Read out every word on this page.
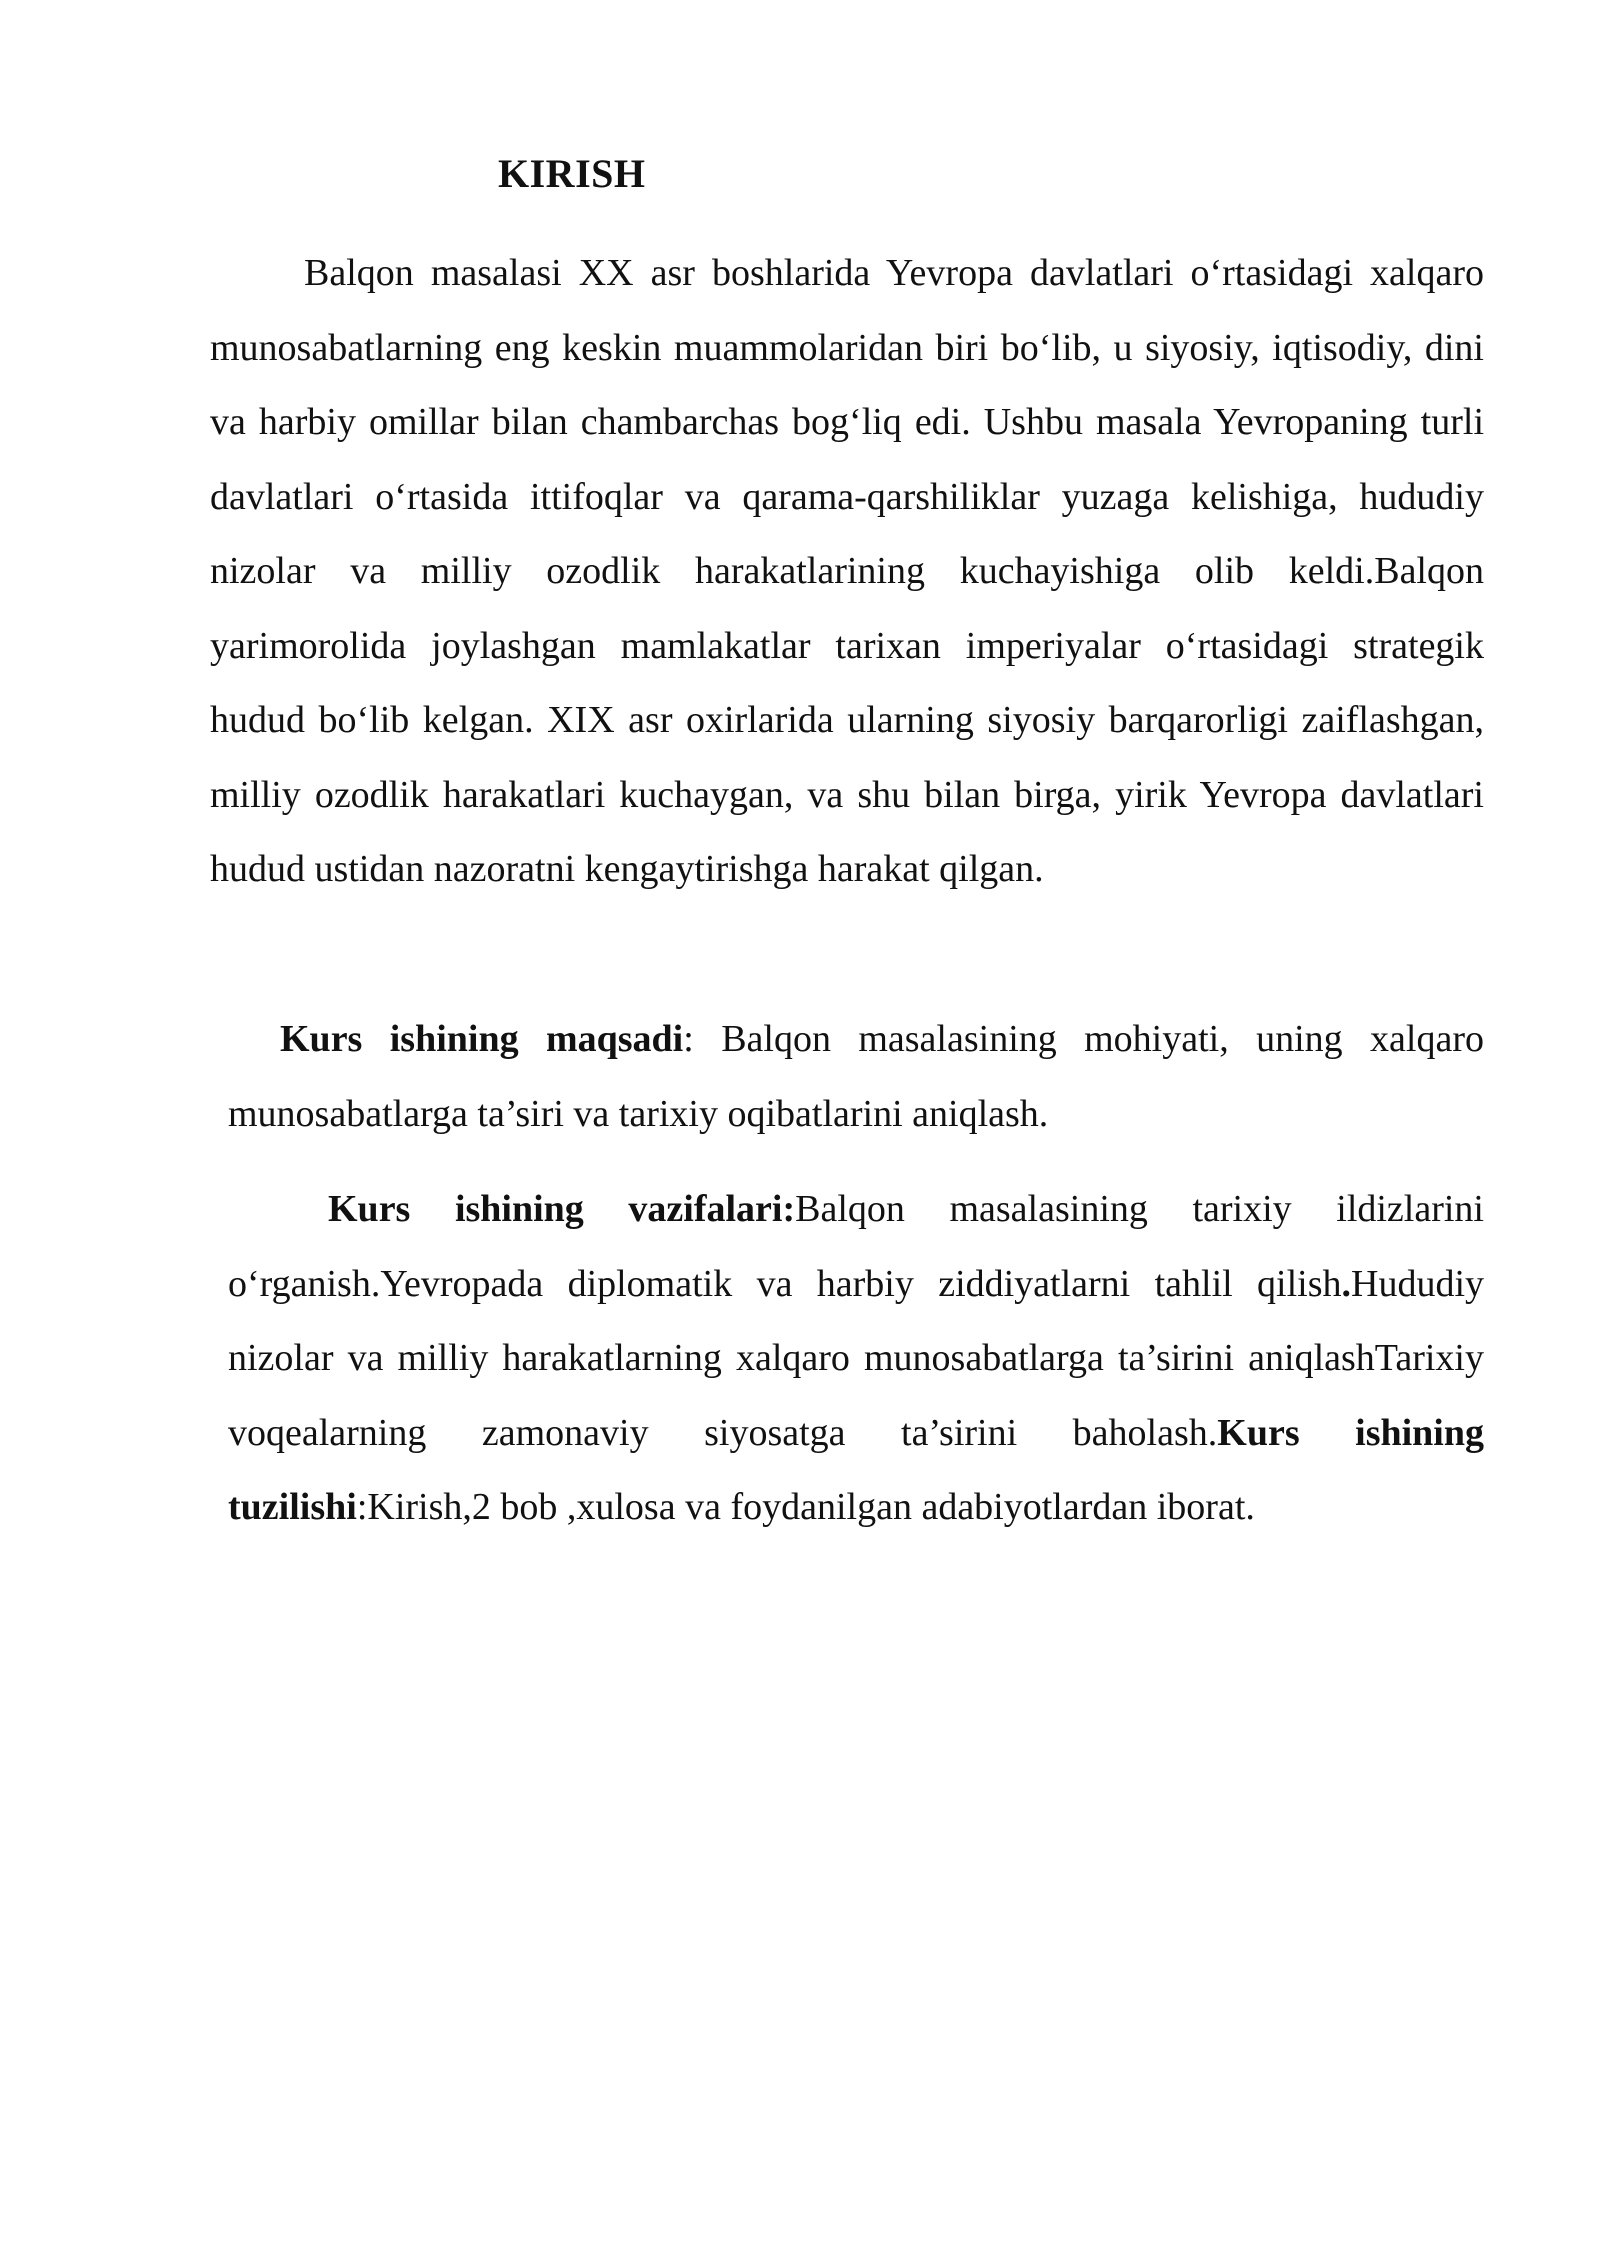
KIRISH

Balqon masalasi XX asr boshlarida Yevropa davlatlari o‘rtasidagi xalqaro munosabatlarning eng keskin muammolaridan biri bo‘lib, u siyosiy, iqtisodiy, dini va harbiy omillar bilan chambarchas bog‘liq edi. Ushbu masala Yevropaning turli davlatlari o‘rtasida ittifoqlar va qarama-qarshiliklar yuzaga kelishiga, hududiy nizolar va milliy ozodlik harakatlarining kuchayishiga olib keldi.Balqon yarimorolida joylashgan mamlakatlar tarixan imperiyalar o‘rtasidagi strategik hudud bo‘lib kelgan. XIX asr oxirlarida ularning siyosiy barqarorligi zaiflashgan, milliy ozodlik harakatlari kuchaygan, va shu bilan birga, yirik Yevropa davlatlari hudud ustidan nazoratni kengaytirishga harakat qilgan.

Kurs ishining maqsadi: Balqon masalasining mohiyati, uning xalqaro munosabatlarga ta’siri va tarixiy oqibatlarini aniqlash.

Kurs ishining vazifalari:Balqon masalasining tarixiy ildizlarini o‘rganish.Yevropada diplomatik va harbiy ziddiyatlarni tahlil qilish.Hududiy nizolar va milliy harakatlarning xalqaro munosabatlarga ta’sirini aniqlashTarixiy voqealarning zamonaviy siyosatga ta’sirini baholash.Kurs ishining tuzilishi:Kirish,2 bob ,xulosa va foydanilgan adabiyotlardan iborat.
